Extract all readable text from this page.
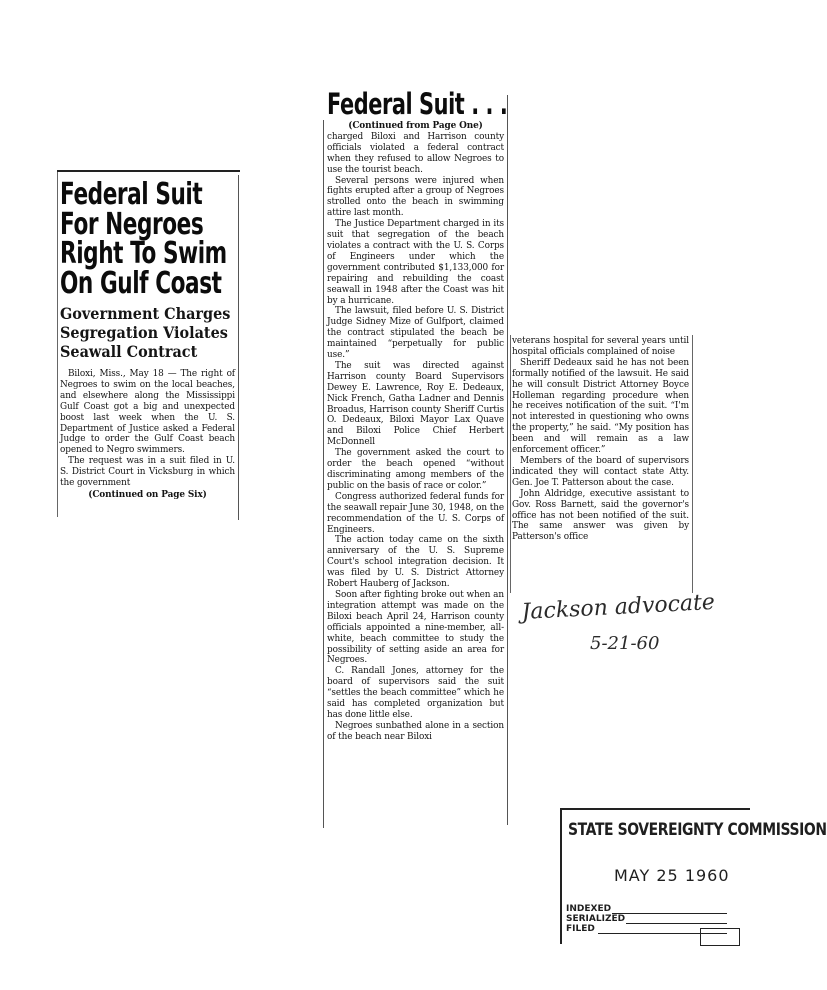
Federal Suit
For Negroes
Right To Swim
On Gulf Coast
Government Charges
Segregation Violates
Seawall Contract

Biloxi, Miss., May 18 — The right of Negroes to swim on the local beaches, and elsewhere along the Mississippi Gulf Coast got a big and unexpected boost last week when the U. S. Department of Justice asked a Federal Judge to order the Gulf Coast beach opened to Negro swimmers.

The request was in a suit filed in U. S. District Court in Vicksburg in which the government

(Continued on Page Six)

Federal Suit . . .

(Continued from Page One)

charged Biloxi and Harrison county officials violated a federal contract when they refused to allow Negroes to use the tourist beach.

Several persons were injured when fights erupted after a group of Negroes strolled onto the beach in swimming attire last month.

The Justice Department charged in its suit that segregation of the beach violates a contract with the U. S. Corps of Engineers under which the government contributed $1,133,000 for repairing and rebuilding the coast seawall in 1948 after the Coast was hit by a hurricane.

The lawsuit, filed before U. S. District Judge Sidney Mize of Gulfport, claimed the contract stipulated the beach be maintained “perpetually for public use.”

The suit was directed against Harrison county Board Supervisors Dewey E. Lawrence, Roy E. Dedeaux, Nick French, Gatha Ladner and Dennis Broadus, Harrison county Sheriff Curtis O. Dedeaux, Biloxi Mayor Lax Quave and Biloxi Police Chief Herbert McDonnell

The government asked the court to order the beach opened “without discriminating among members of the public on the basis of race or color.”

Congress authorized federal funds for the seawall repair June 30, 1948, on the recommendation of the U. S. Corps of Engineers.

The action today came on the sixth anniversary of the U. S. Supreme Court's school integration decision. It was filed by U. S. District Attorney Robert Hauberg of Jackson.

Soon after fighting broke out when an integration attempt was made on the Biloxi beach April 24, Harrison county officials appointed a nine-member, all-white, beach committee to study the possibility of setting aside an area for Negroes.

C. Randall Jones, attorney for the board of supervisors said the suit “settles the beach committee” which he said has completed organization but has done little else.

Negroes sunbathed alone in a section of the beach near Biloxi

veterans hospital for several years until hospital officials complained of noise

Sheriff Dedeaux said he has not been formally notified of the lawsuit. He said he will consult District Attorney Boyce Holleman regarding procedure when he receives notification of the suit. “I'm not interested in questioning who owns the property,” he said. “My position has been and will remain as a law enforcement officer.”

Members of the board of supervisors indicated they will contact state Atty. Gen. Joe T. Patterson about the case.

John Aldridge, executive assistant to Gov. Ross Barnett, said the governor's office has not been notified of the suit. The same answer was given by Patterson's office

Jackson advocate
5-21-60
STATE SOVEREIGNTY COMMISSION
MAY 25 1960
INDEXED
SERIALIZED
FILED
